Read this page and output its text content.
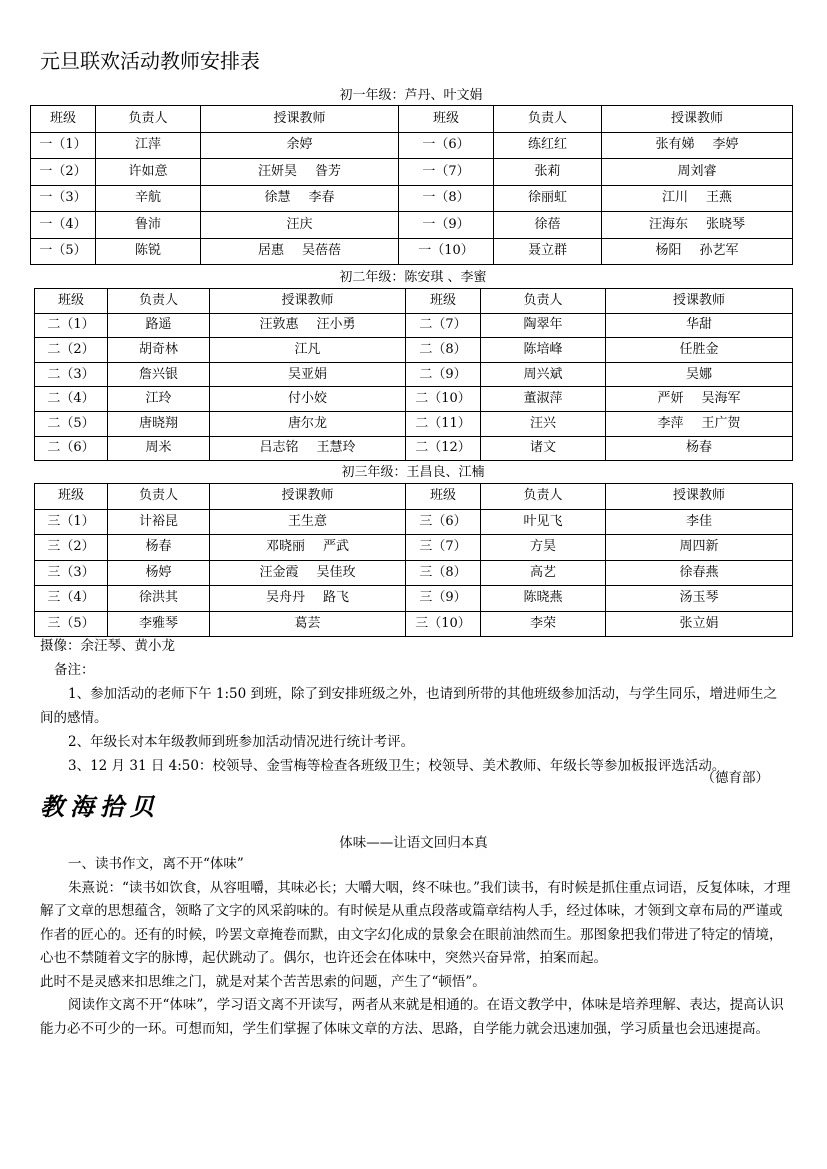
元旦联欢活动教师安排表
初一年级：芦丹、叶文娟
班级	负责人	授课教师	班级	负责人	授课教师
一（1）	江萍	余婷	一（6）	练红红	张有娣 李婷
一（2）	许如意	汪妍昊 昝芳	一（7）	张莉	周刘睿
一（3）	辛航	徐慧 李春	一（8）	徐丽虹	江川 王燕
一（4）	鲁沛	汪庆	一（9）	徐蓓	汪海东 张晓琴
一（5）	陈锐	居惠 吴蓓蓓	一（10）	聂立群	杨阳 孙艺军
初二年级：陈安琪 、李蜜
班级	负责人	授课教师	班级	负责人	授课教师
二（1）	路遥	汪敦惠 汪小勇	二（7）	陶翠年	华甜
二（2）	胡奇林	江凡	二（8）	陈培峰	任胜金
二（3）	詹兴银	吴亚娟	二（9）	周兴斌	吴娜
二（4）	江玲	付小姣	二（10）	董淑萍	严妍 吴海军
二（5）	唐晓翔	唐尔龙	二（11）	汪兴	李萍 王广贺
二（6）	周米	吕志铭 王慧玲	二（12）	诸文	杨春
初三年级：王昌良、江楠
班级	负责人	授课教师	班级	负责人	授课教师
三（1）	计裕昆	王生意	三（6）	叶见飞	李佳
三（2）	杨春	邓晓丽 严武	三（7）	方昊	周四新
三（3）	杨婷	汪金霞 吴佳玫	三（8）	高艺	徐春燕
三（4）	徐洪其	吴舟丹 路飞	三（9）	陈晓燕	汤玉琴
三（5）	李雅琴	葛芸	三（10）	李荣	张立娟
摄像：余汪琴、黄小龙
备注：
1、参加活动的老师下午 1:50 到班，除了到安排班级之外，也请到所带的其他班级参加活动，与学生同乐，增进师生之间的感情。
2、年级长对本年级教师到班参加活动情况进行统计考评。
3、12 月 31 日 4:50：校领导、金雪梅等检查各班级卫生；校领导、美术教师、年级长等参加板报评选活动。
（德育部）
教海拾贝
体味——让语文回归本真
一、读书作文，离不开“体味”
朱熹说：“读书如饮食，从容咀嚼，其味必长；大嚼大咽，终不味也。”我们读书，有时候是抓住重点词语，反复体味，才理解了文章的思想蕴含，领略了文字的风采韵味的。有时候是从重点段落或篇章结构人手，经过体味，才领到文章布局的严谨或作者的匠心的。还有的时候，吟罢文章掩卷而默，由文字幻化成的景象会在眼前油然而生。那图象把我们带进了特定的情境，心也不禁随着文字的脉博，起伏跳动了。偶尔，也许还会在体味中，突然兴奋异常，拍案而起。
此时不是灵感来扣思维之门，就是对某个苦苦思索的问题，产生了“顿悟”。
阅读作文离不开“体味”，学习语文离不开读写，两者从来就是相通的。在语文教学中，体味是培养理解、表达，提高认识能力必不可少的一环。可想而知，学生们掌握了体味文章的方法、思路，自学能力就会迅速加强，学习质量也会迅速提高。
